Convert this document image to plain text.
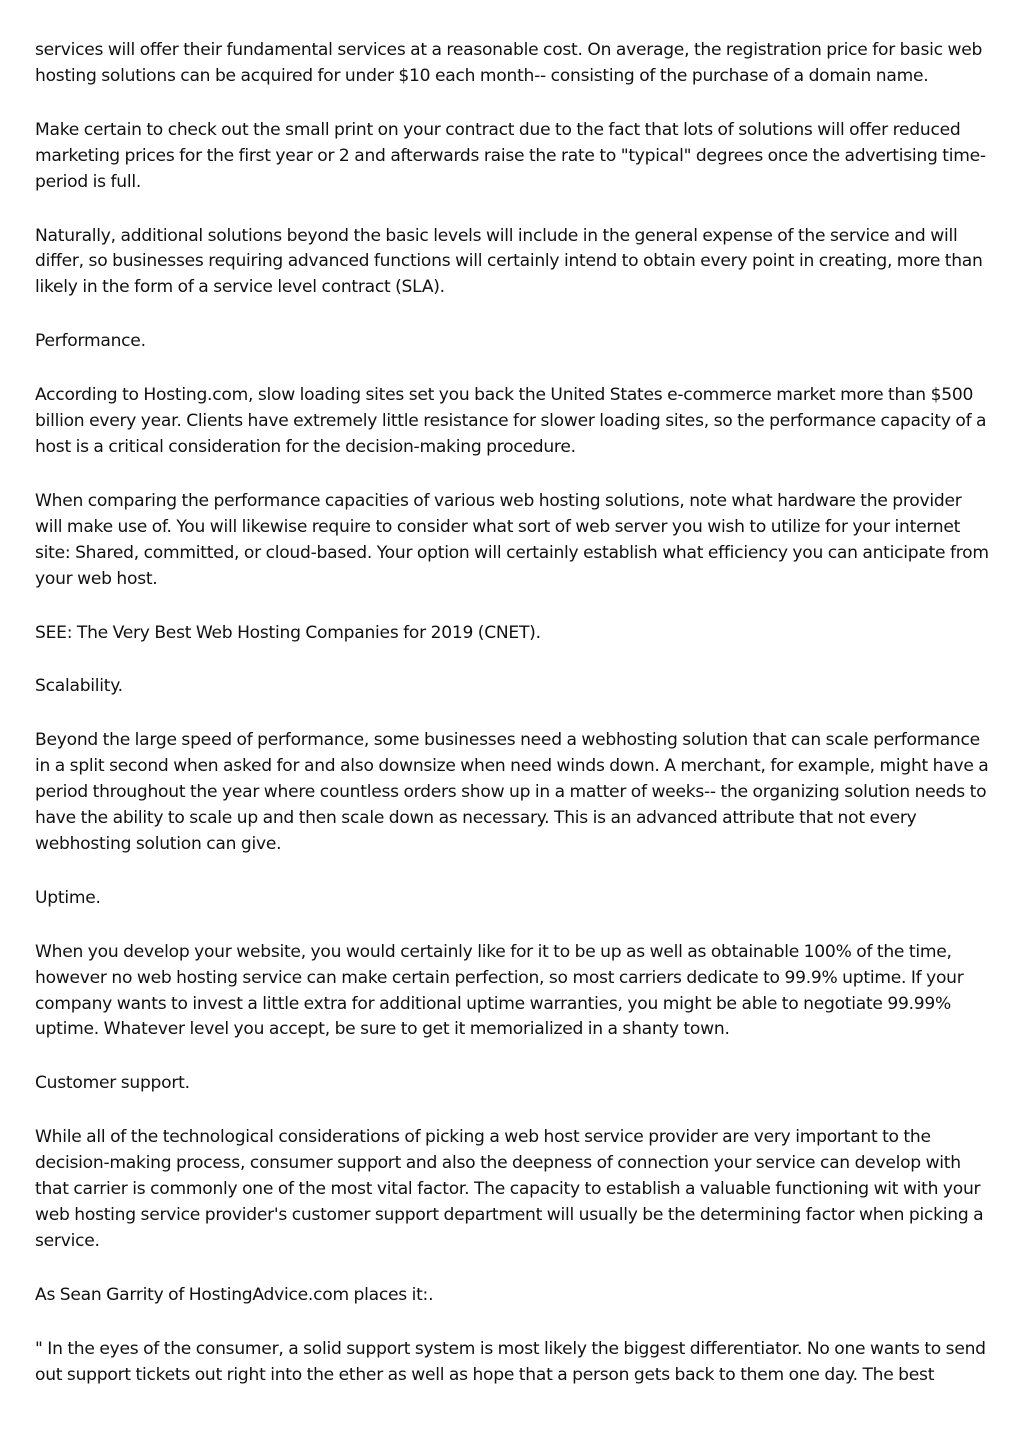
services will offer their fundamental services at a reasonable cost. On average, the registration price for basic web hosting solutions can be acquired for under $10 each month-- consisting of the purchase of a domain name.

Make certain to check out the small print on your contract due to the fact that lots of solutions will offer reduced marketing prices for the first year or 2 and afterwards raise the rate to "typical" degrees once the advertising time-period is full.

Naturally, additional solutions beyond the basic levels will include in the general expense of the service and will differ, so businesses requiring advanced functions will certainly intend to obtain every point in creating, more than likely in the form of a service level contract (SLA).

Performance.

According to Hosting.com, slow loading sites set you back the United States e-commerce market more than $500 billion every year. Clients have extremely little resistance for slower loading sites, so the performance capacity of a host is a critical consideration for the decision-making procedure.

When comparing the performance capacities of various web hosting solutions, note what hardware the provider will make use of. You will likewise require to consider what sort of web server you wish to utilize for your internet site: Shared, committed, or cloud-based. Your option will certainly establish what efficiency you can anticipate from your web host.

SEE: The Very Best Web Hosting Companies for 2019 (CNET).

Scalability.

Beyond the large speed of performance, some businesses need a webhosting solution that can scale performance in a split second when asked for and also downsize when need winds down. A merchant, for example, might have a period throughout the year where countless orders show up in a matter of weeks-- the organizing solution needs to have the ability to scale up and then scale down as necessary. This is an advanced attribute that not every webhosting solution can give.

Uptime.

When you develop your website, you would certainly like for it to be up as well as obtainable 100% of the time, however no web hosting service can make certain perfection, so most carriers dedicate to 99.9% uptime. If your company wants to invest a little extra for additional uptime warranties, you might be able to negotiate 99.99% uptime. Whatever level you accept, be sure to get it memorialized in a shanty town.

Customer support.

While all of the technological considerations of picking a web host service provider are very important to the decision-making process, consumer support and also the deepness of connection your service can develop with that carrier is commonly one of the most vital factor. The capacity to establish a valuable functioning wit with your web hosting service provider's customer support department will usually be the determining factor when picking a service.

As Sean Garrity of HostingAdvice.com places it:.

" In the eyes of the consumer, a solid support system is most likely the biggest differentiator. No one wants to send out support tickets out right into the ether as well as hope that a person gets back to them one day. The best
